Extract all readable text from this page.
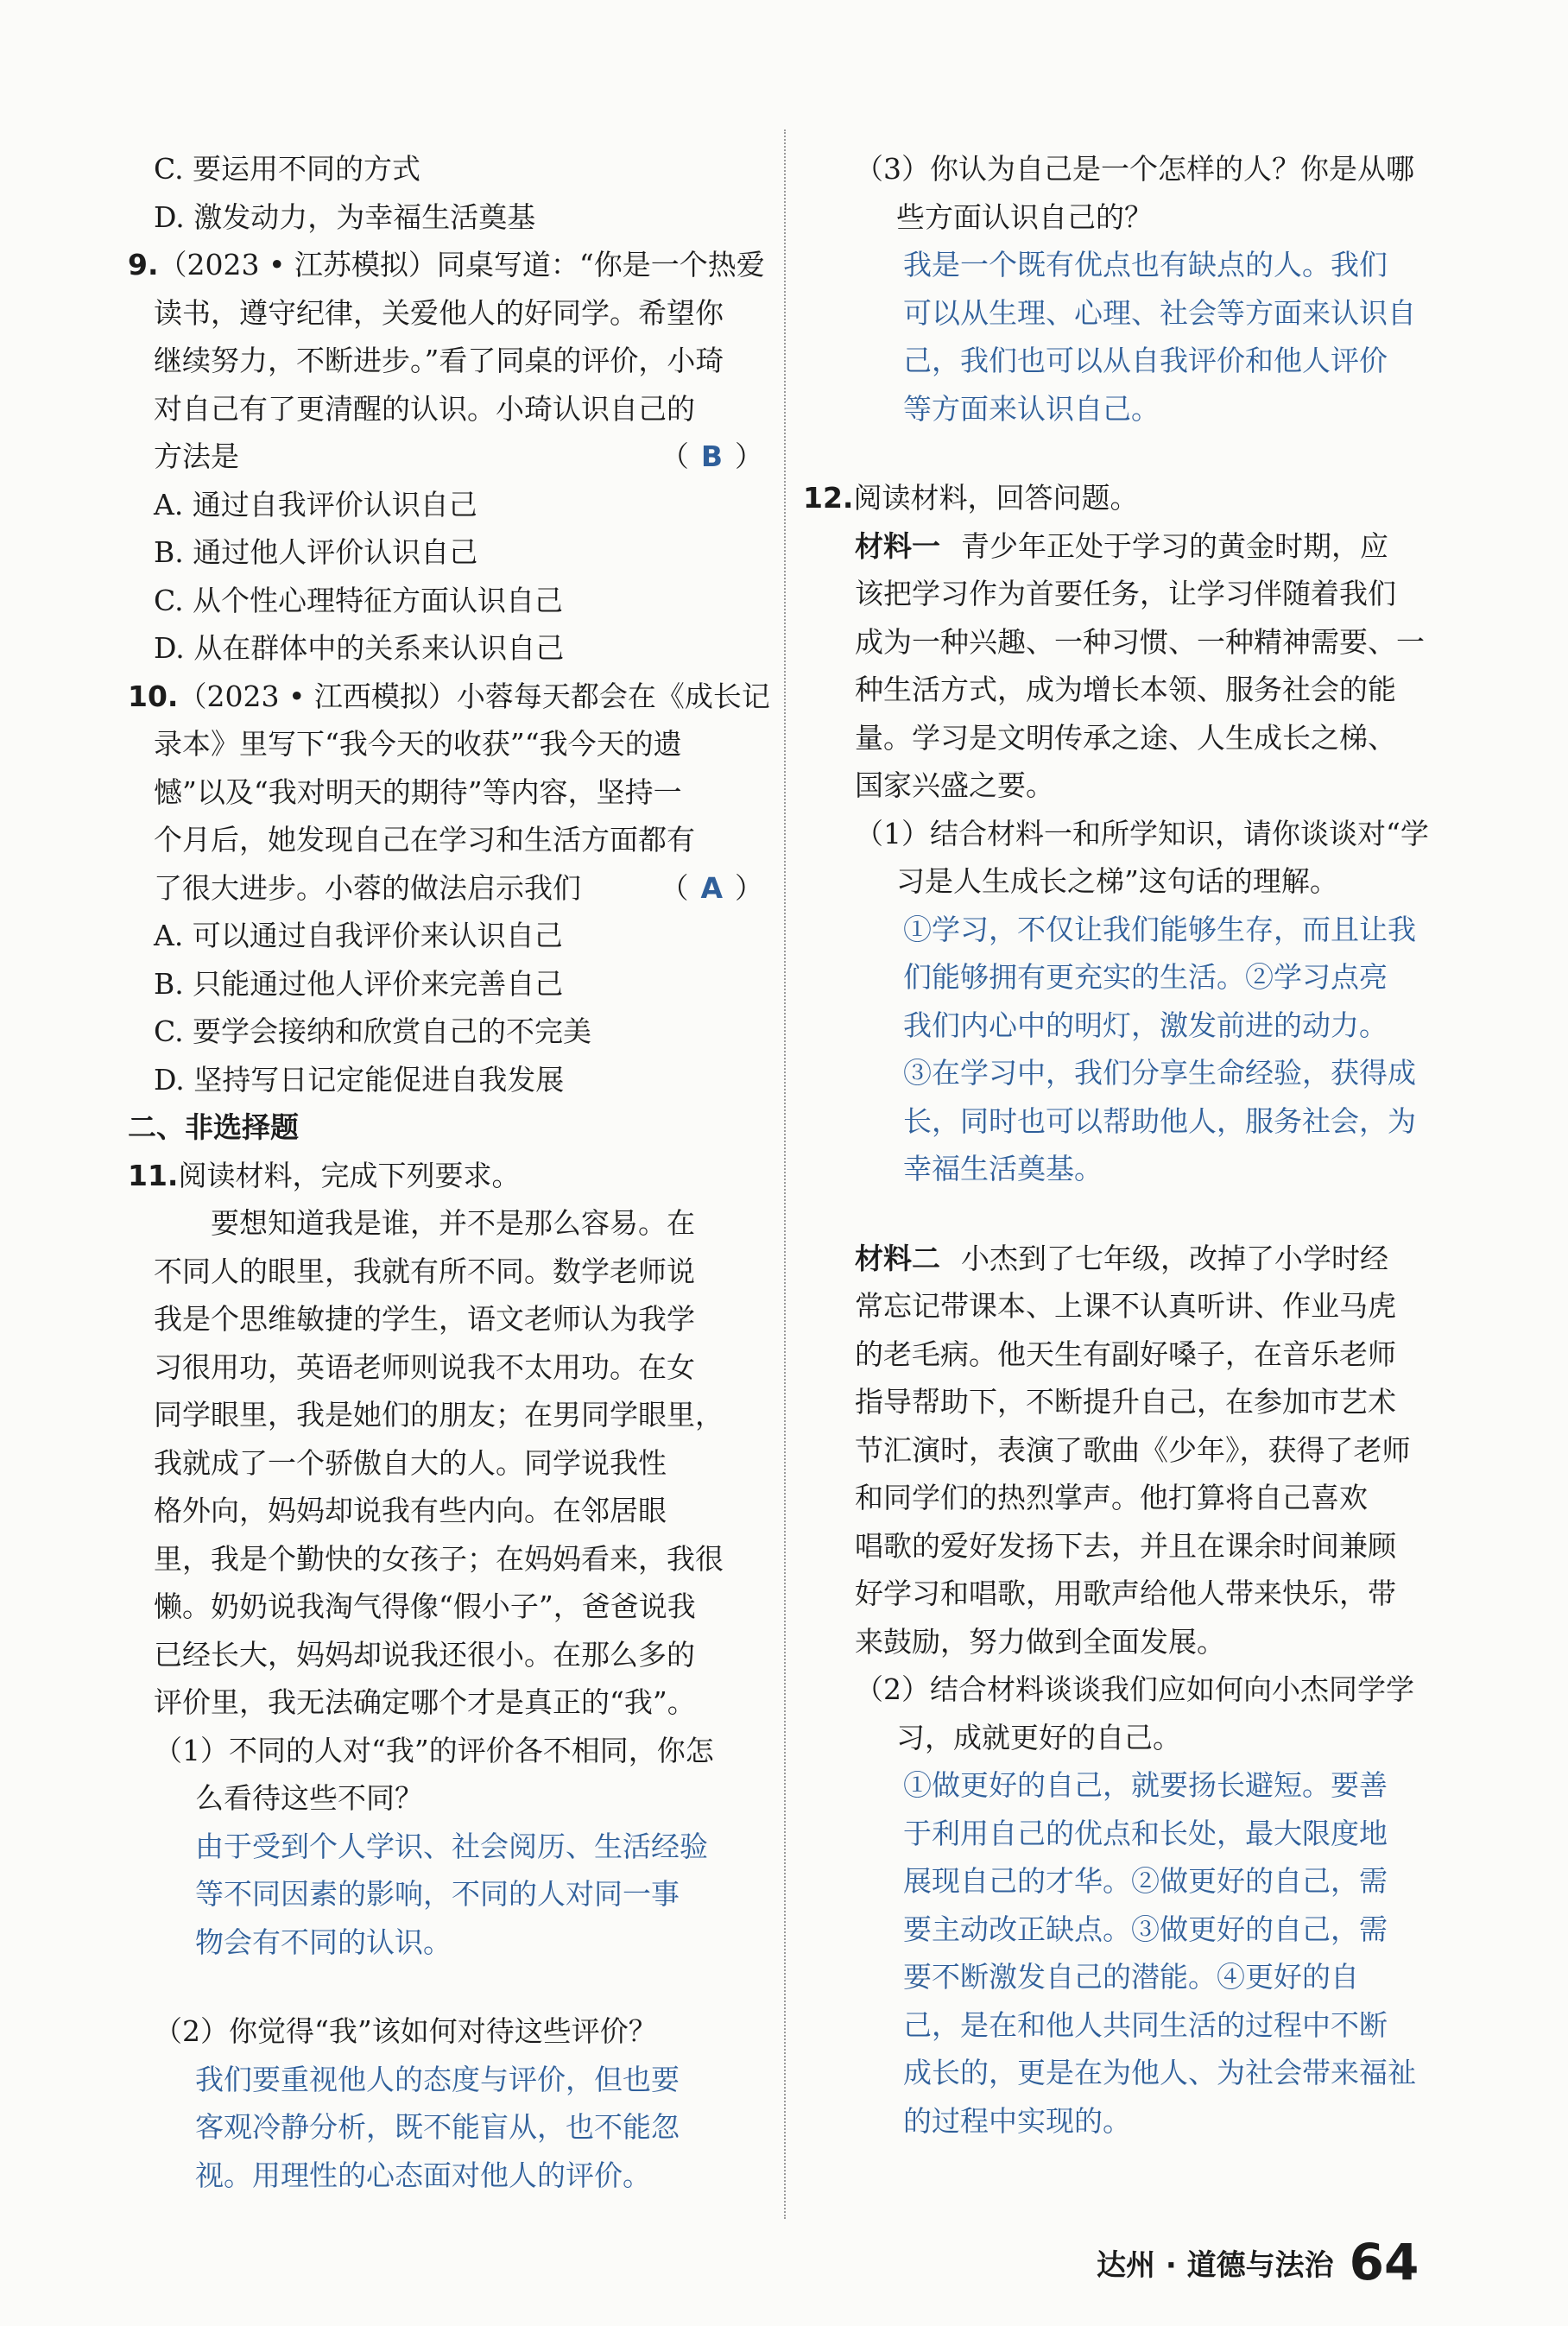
C. 要运用不同的方式
D. 激发动力，为幸福生活奠基
9.（2023 • 江苏模拟）同桌写道：“你是一个热爱
读书，遵守纪律，关爱他人的好同学。希望你
继续努力，不断进步。”看了同桌的评价，小琦
对自己有了更清醒的认识。小琦认识自己的
方法是	（ B ）
A. 通过自我评价认识自己
B. 通过他人评价认识自己
C. 从个性心理特征方面认识自己
D. 从在群体中的关系来认识自己
10.（2023 • 江西模拟）小蓉每天都会在《成长记
录本》里写下“我今天的收获”“我今天的遗
憾”以及“我对明天的期待”等内容，坚持一
个月后，她发现自己在学习和生活方面都有
了很大进步。小蓉的做法启示我们	（ A ）
A. 可以通过自我评价来认识自己
B. 只能通过他人评价来完善自己
C. 要学会接纳和欣赏自己的不完美
D. 坚持写日记定能促进自我发展
二、非选择题
11.阅读材料，完成下列要求。
要想知道我是谁，并不是那么容易。在
不同人的眼里，我就有所不同。数学老师说
我是个思维敏捷的学生，语文老师认为我学
习很用功，英语老师则说我不太用功。在女
同学眼里，我是她们的朋友；在男同学眼里，
我就成了一个骄傲自大的人。同学说我性
格外向，妈妈却说我有些内向。在邻居眼
里，我是个勤快的女孩子；在妈妈看来，我很
懒。奶奶说我淘气得像“假小子”，爸爸说我
已经长大，妈妈却说我还很小。在那么多的
评价里，我无法确定哪个才是真正的“我”。
（1）不同的人对“我”的评价各不相同，你怎
么看待这些不同？
由于受到个人学识、社会阅历、生活经验
等不同因素的影响，不同的人对同一事
物会有不同的认识。
（2）你觉得“我”该如何对待这些评价？
我们要重视他人的态度与评价，但也要
客观冷静分析，既不能盲从，也不能忽
视。用理性的心态面对他人的评价。
（3）你认为自己是一个怎样的人？你是从哪
些方面认识自己的？
我是一个既有优点也有缺点的人。我们
可以从生理、心理、社会等方面来认识自
己，我们也可以从自我评价和他人评价
等方面来认识自己。
12.阅读材料，回答问题。
材料一 青少年正处于学习的黄金时期，应
该把学习作为首要任务，让学习伴随着我们
成为一种兴趣、一种习惯、一种精神需要、一
种生活方式，成为增长本领、服务社会的能
量。学习是文明传承之途、人生成长之梯、
国家兴盛之要。
（1）结合材料一和所学知识，请你谈谈对“学
习是人生成长之梯”这句话的理解。
①学习，不仅让我们能够生存，而且让我
们能够拥有更充实的生活。②学习点亮
我们内心中的明灯，激发前进的动力。
③在学习中，我们分享生命经验，获得成
长，同时也可以帮助他人，服务社会，为
幸福生活奠基。
材料二 小杰到了七年级，改掉了小学时经
常忘记带课本、上课不认真听讲、作业马虎
的老毛病。他天生有副好嗓子，在音乐老师
指导帮助下，不断提升自己，在参加市艺术
节汇演时，表演了歌曲《少年》，获得了老师
和同学们的热烈掌声。他打算将自己喜欢
唱歌的爱好发扬下去，并且在课余时间兼顾
好学习和唱歌，用歌声给他人带来快乐，带
来鼓励，努力做到全面发展。
（2）结合材料谈谈我们应如何向小杰同学学
习，成就更好的自己。
①做更好的自己，就要扬长避短。要善
于利用自己的优点和长处，最大限度地
展现自己的才华。②做更好的自己，需
要主动改正缺点。③做更好的自己，需
要不断激发自己的潜能。④更好的自
己，是在和他人共同生活的过程中不断
成长的，更是在为他人、为社会带来福祉
的过程中实现的。
达州 · 道德与法治 64
